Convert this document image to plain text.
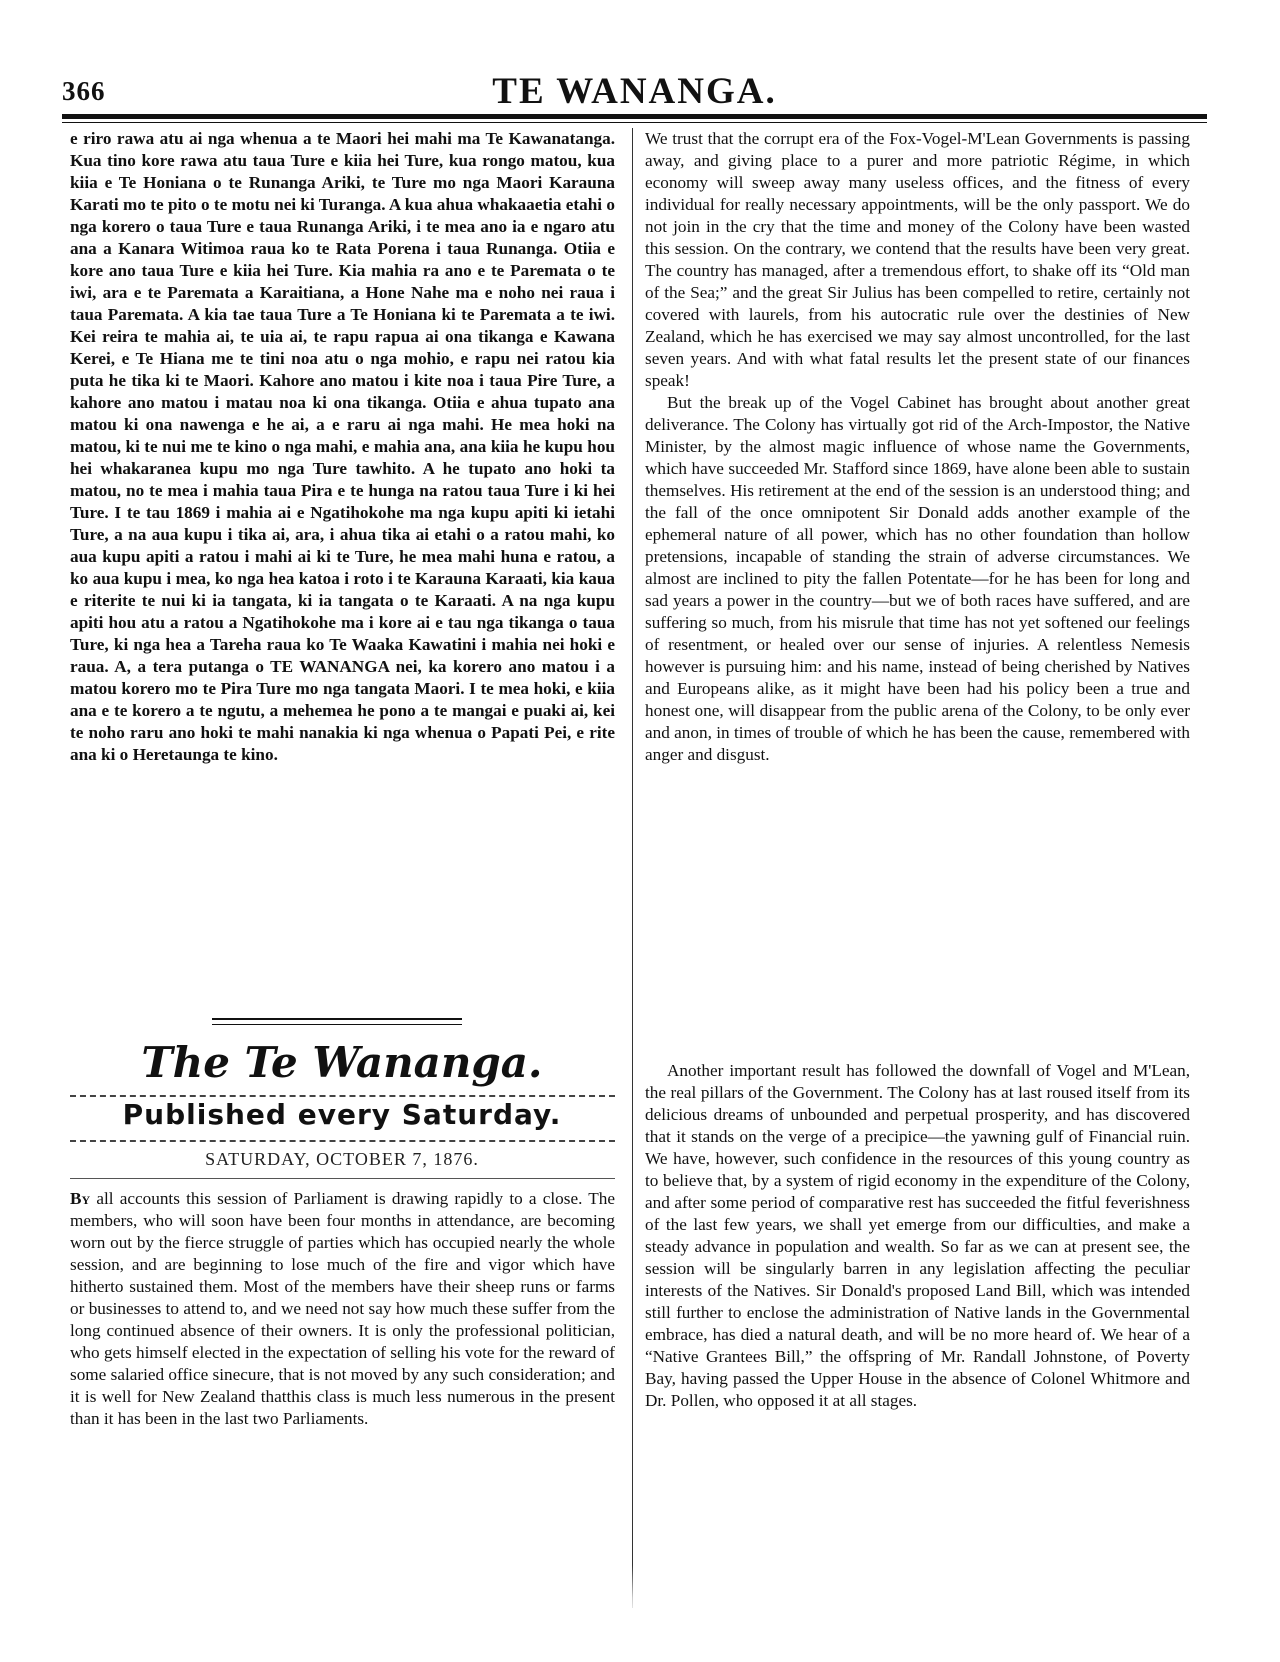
366	TE WANANGA.

e riro rawa atu ai nga whenua a te Maori hei mahi ma Te Kawanatanga. Kua tino kore rawa atu taua Ture e kiia hei Ture, kua rongo matou, kua kiia e Te Honiana o te Runanga Ariki, te Ture mo nga Maori Karauna Karati mo te pito o te motu nei ki Turanga. A kua ahua whakaaetia etahi o nga korero o taua Ture e taua Runanga Ariki, i te mea ano ia e ngaro atu ana a Kanara Witimoa raua ko te Rata Porena i taua Runanga. Otiia e kore ano taua Ture e kiia hei Ture. Kia mahia ra ano e te Paremata o te iwi, ara e te Paremata a Karaitiana, a Hone Nahe ma e noho nei raua i taua Paremata. A kia tae taua Ture a Te Honiana ki te Paremata a te iwi. Kei reira te mahia ai, te uia ai, te rapu rapua ai ona tikanga e Kawana Kerei, e Te Hiana me te tini noa atu o nga mohio, e rapu nei ratou kia puta he tika ki te Maori. Kahore ano matou i kite noa i taua Pire Ture, a kahore ano matou i matau noa ki ona tikanga. Otiia e ahua tupato ana matou ki ona nawenga e he ai, a e raru ai nga mahi. He mea hoki na matou, ki te nui me te kino o nga mahi, e mahia ana, ana kiia he kupu hou hei whakaranea kupu mo nga Ture tawhito. A he tupato ano hoki ta matou, no te mea i mahia taua Pira e te hunga na ratou taua Ture i ki hei Ture. I te tau 1869 i mahia ai e Ngatihokohe ma nga kupu apiti ki ietahi Ture, a na aua kupu i tika ai, ara, i ahua tika ai etahi o a ratou mahi, ko aua kupu apiti a ratou i mahi ai ki te Ture, he mea mahi huna e ratou, a ko aua kupu i mea, ko nga hea katoa i roto i te Karauna Karaati, kia kaua e riterite te nui ki ia tangata, ki ia tangata o te Karaati. A na nga kupu apiti hou atu a ratou a Ngatihokohe ma i kore ai e tau nga tikanga o taua Ture, ki nga hea a Tareha raua ko Te Waaka Kawatini i mahia nei hoki e raua. A, a tera putanga o TE WANANGA nei, ka korero ano matou i a matou korero mo te Pira Ture mo nga tangata Maori. I te mea hoki, e kiia ana e te korero a te ngutu, a mehemea he pono a te mangai e puaki ai, kei te noho raru ano hoki te mahi nanakia ki nga whenua o Papati Pei, e rite ana ki o Heretaunga te kino.

The Te Wananga.
Published every Saturday.
SATURDAY, OCTOBER 7, 1876.

By all accounts this session of Parliament is drawing rapidly to a close. The members, who will soon have been four months in attendance, are becoming worn out by the fierce struggle of parties which has occupied nearly the whole session, and are beginning to lose much of the fire and vigor which have hitherto sustained them. Most of the members have their sheep runs or farms or businesses to attend to, and we need not say how much these suffer from the long continued absence of their owners. It is only the professional politician, who gets himself elected in the expectation of selling his vote for the reward of some salaried office sinecure, that is not moved by any such consideration; and it is well for New Zealand thatthis class is much less numerous in the present than it has been in the last two Parliaments.

We trust that the corrupt era of the Fox-Vogel-M'Lean Governments is passing away, and giving place to a purer and more patriotic Régime, in which economy will sweep away many useless offices, and the fitness of every individual for really necessary appointments, will be the only passport. We do not join in the cry that the time and money of the Colony have been wasted this session. On the contrary, we contend that the results have been very great. The country has managed, after a tremendous effort, to shake off its “Old man of the Sea;” and the great Sir Julius has been compelled to retire, certainly not covered with laurels, from his autocratic rule over the destinies of New Zealand, which he has exercised we may say almost uncontrolled, for the last seven years. And with what fatal results let the present state of our finances speak!

But the break up of the Vogel Cabinet has brought about another great deliverance. The Colony has virtually got rid of the Arch-Impostor, the Native Minister, by the almost magic influence of whose name the Governments, which have succeeded Mr. Stafford since 1869, have alone been able to sustain themselves. His retirement at the end of the session is an understood thing; and the fall of the once omnipotent Sir Donald adds another example of the ephemeral nature of all power, which has no other foundation than hollow pretensions, incapable of standing the strain of adverse circumstances. We almost are inclined to pity the fallen Potentate—for he has been for long and sad years a power in the country—but we of both races have suffered, and are suffering so much, from his misrule that time has not yet softened our feelings of resentment, or healed over our sense of injuries. A relentless Nemesis however is pursuing him: and his name, instead of being cherished by Natives and Europeans alike, as it might have been had his policy been a true and honest one, will disappear from the public arena of the Colony, to be only ever and anon, in times of trouble of which he has been the cause, remembered with anger and disgust.

Another important result has followed the downfall of Vogel and M'Lean, the real pillars of the Government. The Colony has at last roused itself from its delicious dreams of unbounded and perpetual prosperity, and has discovered that it stands on the verge of a precipice—the yawning gulf of Financial ruin. We have, however, such confidence in the resources of this young country as to believe that, by a system of rigid economy in the expenditure of the Colony, and after some period of comparative rest has succeeded the fitful feverishness of the last few years, we shall yet emerge from our difficulties, and make a steady advance in population and wealth. So far as we can at present see, the session will be singularly barren in any legislation affecting the peculiar interests of the Natives. Sir Donald's proposed Land Bill, which was intended still further to enclose the administration of Native lands in the Governmental embrace, has died a natural death, and will be no more heard of. We hear of a “Native Grantees Bill,” the offspring of Mr. Randall Johnstone, of Poverty Bay, having passed the Upper House in the absence of Colonel Whitmore and Dr. Pollen, who opposed it at all stages.
